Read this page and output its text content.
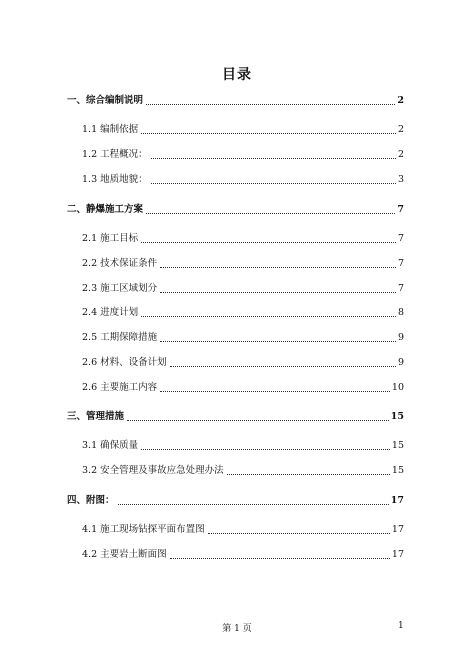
目录
一、综合编制说明	2
1.1 编制依据	2
1.2 工程概况：	2
1.3 地质地貌：	3
二、静爆施工方案	7
2.1 施工目标	7
2.2 技术保证条件	7
2.3 施工区域划分	7
2.4 进度计划	8
2.5 工期保障措施	9
2.6 材料、设备计划	9
2.6 主要施工内容	10
三、管理措施	15
3.1 确保质量	15
3.2 安全管理及事故应急处理办法	15
四、附图：	17
4.1 施工现场钻探平面布置图	17
4.2 主要岩土断面图	17
第 1 页	1
